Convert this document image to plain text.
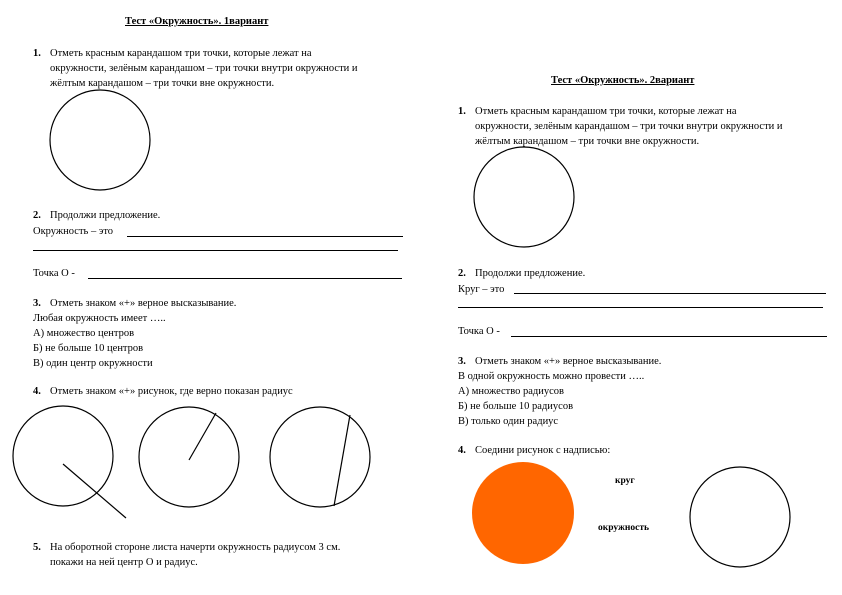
Тест «Окружность». 1вариант
1. Отметь красным карандашом три точки, которые лежат на
окружности, зелёным карандашом – три точки внутри окружности и
жёлтым карандашом – три точки вне окружности.
2. Продолжи предложение.
Окружность – это
Точка О -
3. Отметь знаком «+» верное высказывание.
Любая окружность имеет …..
А) множество центров
Б) не больше 10 центров
В) один центр окружности
4. Отметь знаком «+» рисунок, где верно показан радиус
5. На оборотной стороне листа начерти окружность радиусом 3 см.
покажи на ней центр О и радиус.
Тест «Окружность». 2вариант
1. Отметь красным карандашом три точки, которые лежат на
окружности, зелёным карандашом – три точки внутри окружности и
жёлтым карандашом – три точки вне окружности.
2. Продолжи предложение.
Круг – это
Точка О -
3. Отметь знаком «+» верное высказывание.
В одной окружность можно провести …..
А) множество радиусов
Б) не больше 10 радиусов
В) только один радиус
4. Соедини рисунок с надписью:
круг
окружность
